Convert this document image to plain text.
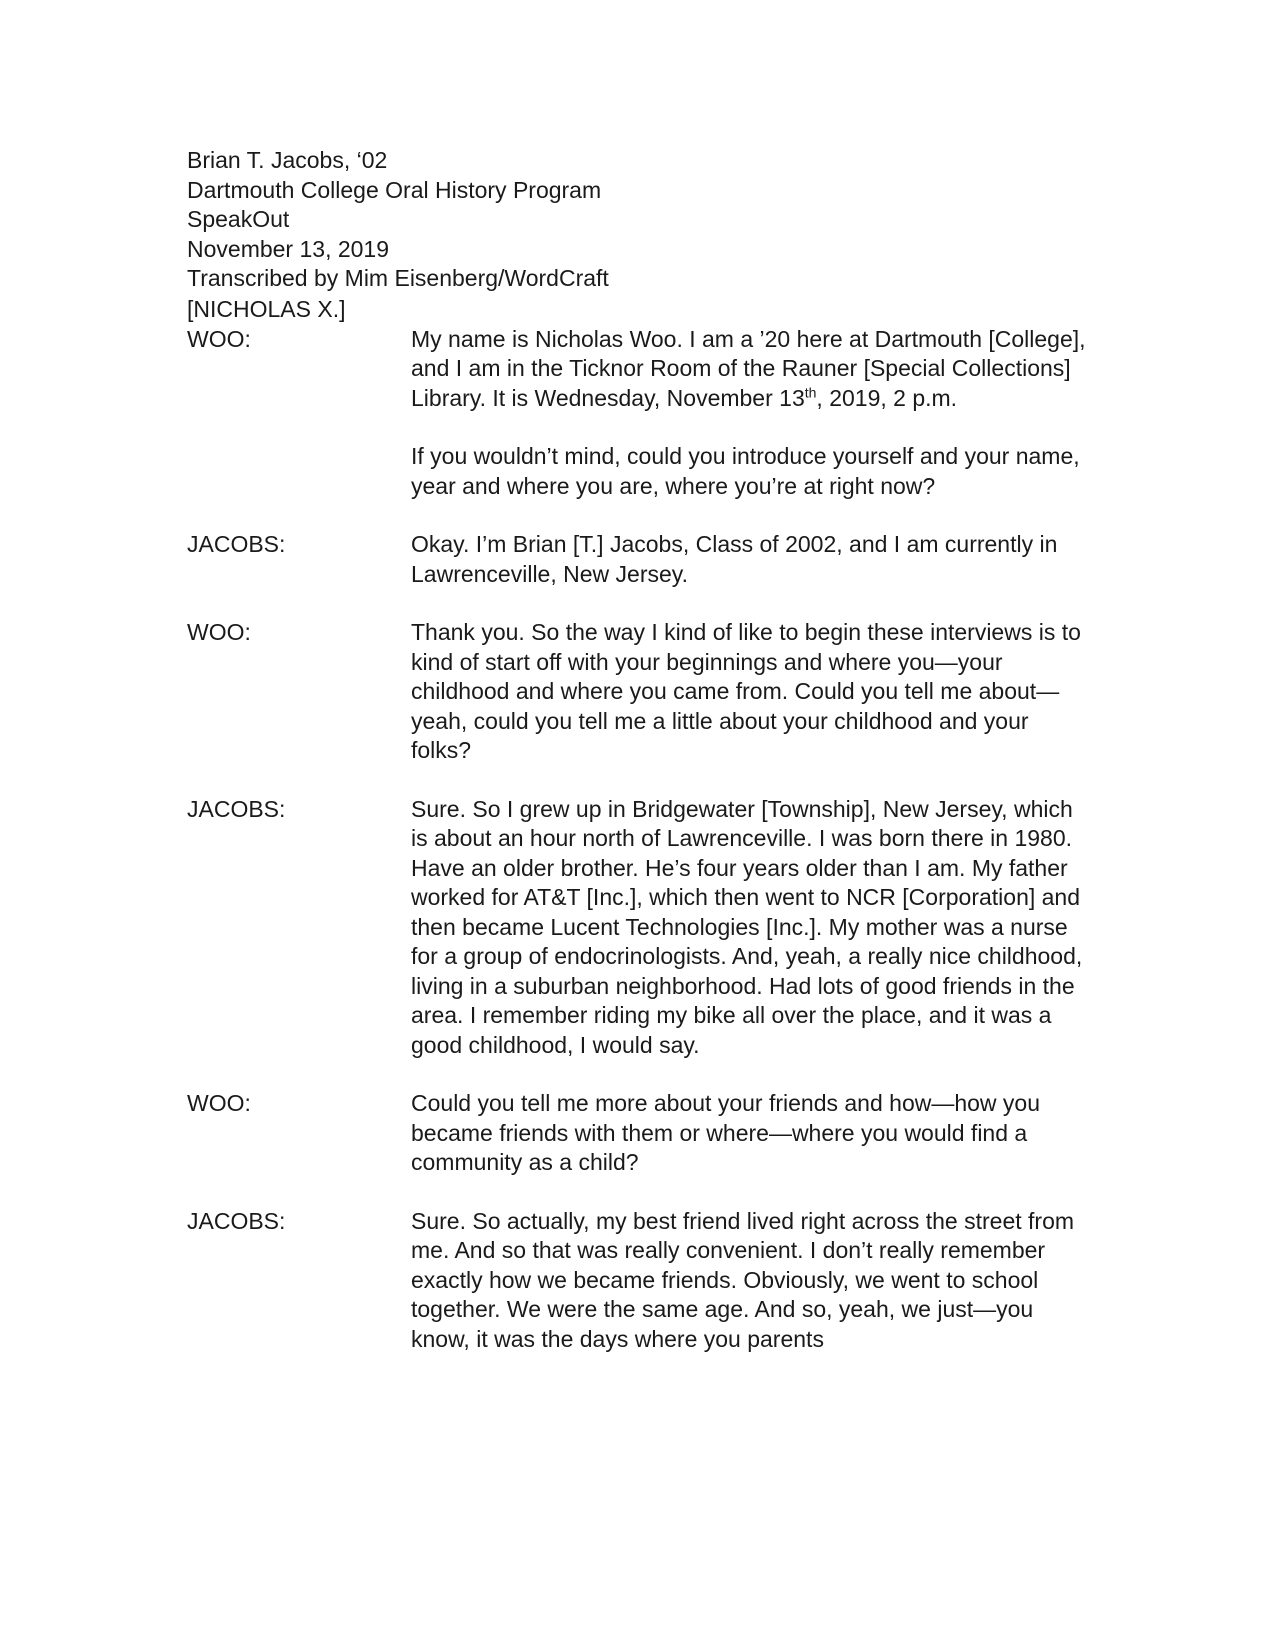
Brian T. Jacobs, ‘02
Dartmouth College Oral History Program
SpeakOut
November 13, 2019
Transcribed by Mim Eisenberg/WordCraft
[NICHOLAS X.]
WOO:	My name is Nicholas Woo. I am a ’20 here at Dartmouth [College], and I am in the Ticknor Room of the Rauner [Special Collections] Library. It is Wednesday, November 13th, 2019, 2 p.m.

If you wouldn’t mind, could you introduce yourself and your name, year and where you are, where you’re at right now?

JACOBS:	Okay. I’m Brian [T.] Jacobs, Class of 2002, and I am currently in Lawrenceville, New Jersey.

WOO:	Thank you. So the way I kind of like to begin these interviews is to kind of start off with your beginnings and where you—your childhood and where you came from. Could you tell me about—yeah, could you tell me a little about your childhood and your folks?

JACOBS:	Sure. So I grew up in Bridgewater [Township], New Jersey, which is about an hour north of Lawrenceville. I was born there in 1980. Have an older brother. He’s four years older than I am. My father worked for AT&T [Inc.], which then went to NCR [Corporation] and then became Lucent Technologies [Inc.]. My mother was a nurse for a group of endocrinologists. And, yeah, a really nice childhood, living in a suburban neighborhood. Had lots of good friends in the area. I remember riding my bike all over the place, and it was a good childhood, I would say.

WOO:	Could you tell me more about your friends and how—how you became friends with them or where—where you would find a community as a child?

JACOBS:	Sure. So actually, my best friend lived right across the street from me. And so that was really convenient. I don’t really remember exactly how we became friends. Obviously, we went to school together. We were the same age. And so, yeah, we just—you know, it was the days where you parents
